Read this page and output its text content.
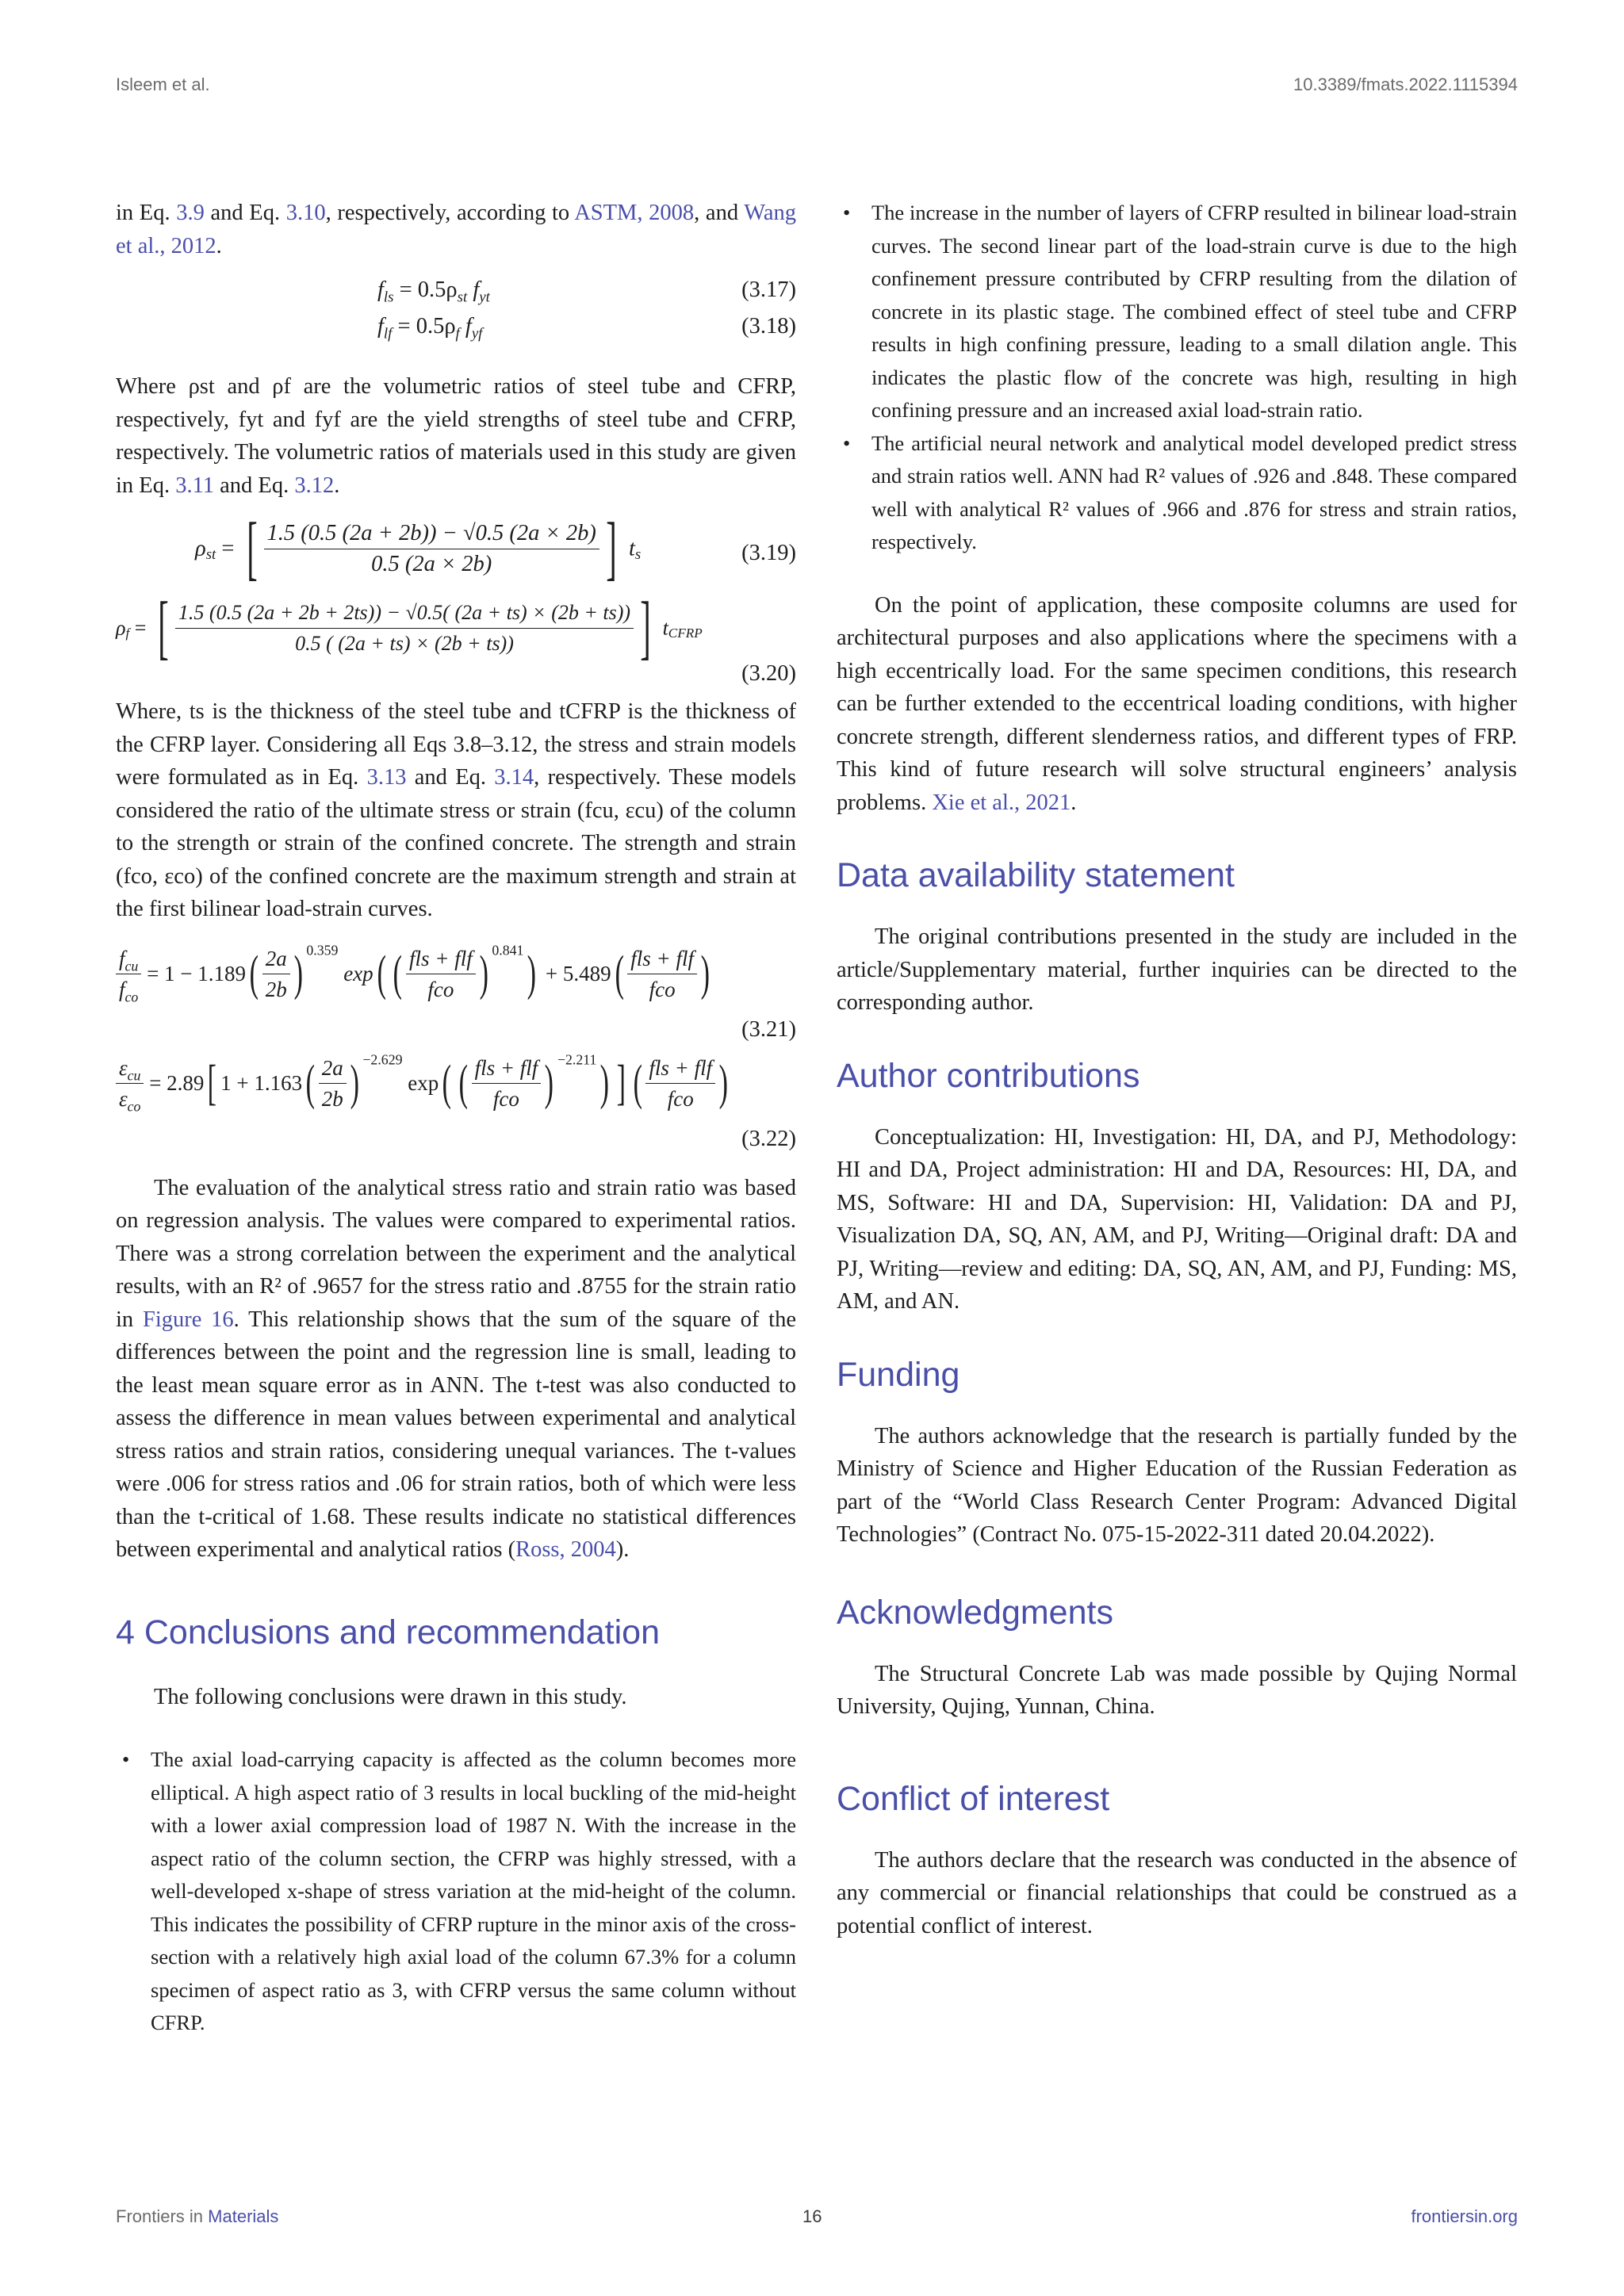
Isleem et al.	10.3389/fmats.2022.1115394

in Eq. 3.9 and Eq. 3.10, respectively, according to ASTM, 2008, and Wang et al., 2012.

$f_{ls} = 0.5\rho_{st}$ $f_{yt}$	(3.17)
$f_{lf} = 0.5\rho_f$ $f_{yf}$	(3.18)

Where ρst and ρf are the volumetric ratios of steel tube and CFRP, respectively, fyt and fyf are the yield strengths of steel tube and CFRP, respectively. The volumetric ratios of materials used in this study are given in Eq. 3.11 and Eq. 3.12.

$\rho_{st}$ = [ $\frac{1.5 (0.5 (2a + 2b)) - √0.5 (2a \times 2b)}{0.5 (2a \times 2b)}$ ] $t_s$	(3.19)
$\rho_f$ = [ $\frac{1.5 (0.5 (2a + 2b + 2ts)) - √0.5( (2a + ts) \times (2b + ts))}{0.5 ( (2a + ts) \times (2b + ts))}$ ] $t_{CFRP}$
(3.20)

Where, ts is the thickness of the steel tube and tCFRP is the thickness of the CFRP layer. Considering all Eqs 3.8–3.12, the stress and strain models were formulated as in Eq. 3.13 and Eq. 3.14, respectively. These models considered the ratio of the ultimate stress or strain (fcu, εcu) of the column to the strength or strain of the confined concrete. The strength and strain (fco, εco) of the confined concrete are the maximum strength and strain at the first bilinear load-strain curves.

$\frac{f_{cu}}{f_{co}} = 1 - 1.189( \frac{2a}{2b}$ ) $^{0.359}$ exp( ( $\frac{\text{fls + flf}}{\text{fco}}$ ) $^{0.841}) + 5.489( \frac{\text{fls + flf}}{\text{fco}}$ )
(3.21)
$\frac{\varepsilon_{cu}}{\varepsilon_{co}} = 2.89$[ $1 + 1.163( \frac{2a}{2b}$ ) $^{-2.629}$ exp( ( $\frac{\text{fls + flf}}{\text{fco}}$ ) $^{-2.211}$) ] ( $\frac{\text{fls + flf}}{\text{fco}}$ )
(3.22)

The evaluation of the analytical stress ratio and strain ratio was based on regression analysis. The values were compared to experimental ratios. There was a strong correlation between the experiment and the analytical results, with an R² of .9657 for the stress ratio and .8755 for the strain ratio in Figure 16. This relationship shows that the sum of the square of the differences between the point and the regression line is small, leading to the least mean square error as in ANN. The t-test was also conducted to assess the difference in mean values between experimental and analytical stress ratios and strain ratios, considering unequal variances. The t-values were .006 for stress ratios and .06 for strain ratios, both of which were less than the t-critical of 1.68. These results indicate no statistical differences between experimental and analytical ratios (Ross, 2004).

4 Conclusions and recommendation

The following conclusions were drawn in this study.

• The axial load-carrying capacity is affected as the column becomes more elliptical. A high aspect ratio of 3 results in local buckling of the mid-height with a lower axial compression load of 1987 N. With the increase in the aspect ratio of the column section, the CFRP was highly stressed, with a well-developed x-shape of stress variation at the mid-height of the column. This indicates the possibility of CFRP rupture in the minor axis of the cross-section with a relatively high axial load of the column 67.3% for a column specimen of aspect ratio as 3, with CFRP versus the same column without CFRP.
• The increase in the number of layers of CFRP resulted in bilinear load-strain curves. The second linear part of the load-strain curve is due to the high confinement pressure contributed by CFRP resulting from the dilation of concrete in its plastic stage. The combined effect of steel tube and CFRP results in high confining pressure, leading to a small dilation angle. This indicates the plastic flow of the concrete was high, resulting in high confining pressure and an increased axial load-strain ratio.
• The artificial neural network and analytical model developed predict stress and strain ratios well. ANN had R² values of .926 and .848. These compared well with analytical R² values of .966 and .876 for stress and strain ratios, respectively.

On the point of application, these composite columns are used for architectural purposes and also applications where the specimens with a high eccentrically load. For the same specimen conditions, this research can be further extended to the eccentrical loading conditions, with higher concrete strength, different slenderness ratios, and different types of FRP. This kind of future research will solve structural engineers’ analysis problems. Xie et al., 2021.

Data availability statement

The original contributions presented in the study are included in the article/Supplementary material, further inquiries can be directed to the corresponding author.

Author contributions

Conceptualization: HI, Investigation: HI, DA, and PJ, Methodology: HI and DA, Project administration: HI and DA, Resources: HI, DA, and MS, Software: HI and DA, Supervision: HI, Validation: DA and PJ, Visualization DA, SQ, AN, AM, and PJ, Writing—Original draft: DA and PJ, Writing—review and editing: DA, SQ, AN, AM, and PJ, Funding: MS, AM, and AN.

Funding

The authors acknowledge that the research is partially funded by the Ministry of Science and Higher Education of the Russian Federation as part of the “World Class Research Center Program: Advanced Digital Technologies” (Contract No. 075-15-2022-311 dated 20.04.2022).

Acknowledgments

The Structural Concrete Lab was made possible by Qujing Normal University, Qujing, Yunnan, China.

Conflict of interest

The authors declare that the research was conducted in the absence of any commercial or financial relationships that could be construed as a potential conflict of interest.

Frontiers in Materials	16	frontiersin.org
